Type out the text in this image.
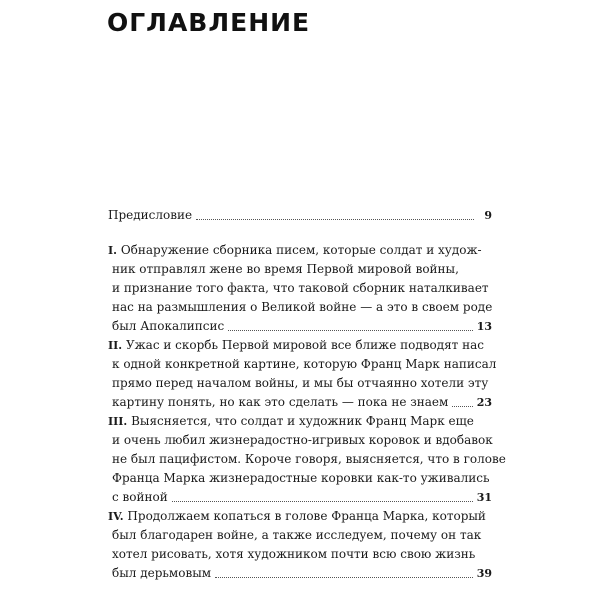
ОГЛАВЛЕНИЕ
Предисловие	9
I. Обнаружение сборника писем, которые солдат и худож-
ник отправлял жене во время Первой мировой войны,
и признание того факта, что таковой сборник наталкивает
нас на размышления о Великой войне — а это в своем роде
был Апокалипсис	13
II. Ужас и скорбь Первой мировой все ближе подводят нас
к одной конкретной картине, которую Франц Марк написал
прямо перед началом войны, и мы бы отчаянно хотели эту
картину понять, но как это сделать — пока не знаем	23
III. Выясняется, что солдат и художник Франц Марк еще
и очень любил жизнерадостно-игривых коровок и вдобавок
не был пацифистом. Короче говоря, выясняется, что в голове
Франца Марка жизнерадостные коровки как-то уживались
с войной	31
IV. Продолжаем копаться в голове Франца Марка, который
был благодарен войне, а также исследуем, почему он так
хотел рисовать, хотя художником почти всю свою жизнь
был дерьмовым	39
